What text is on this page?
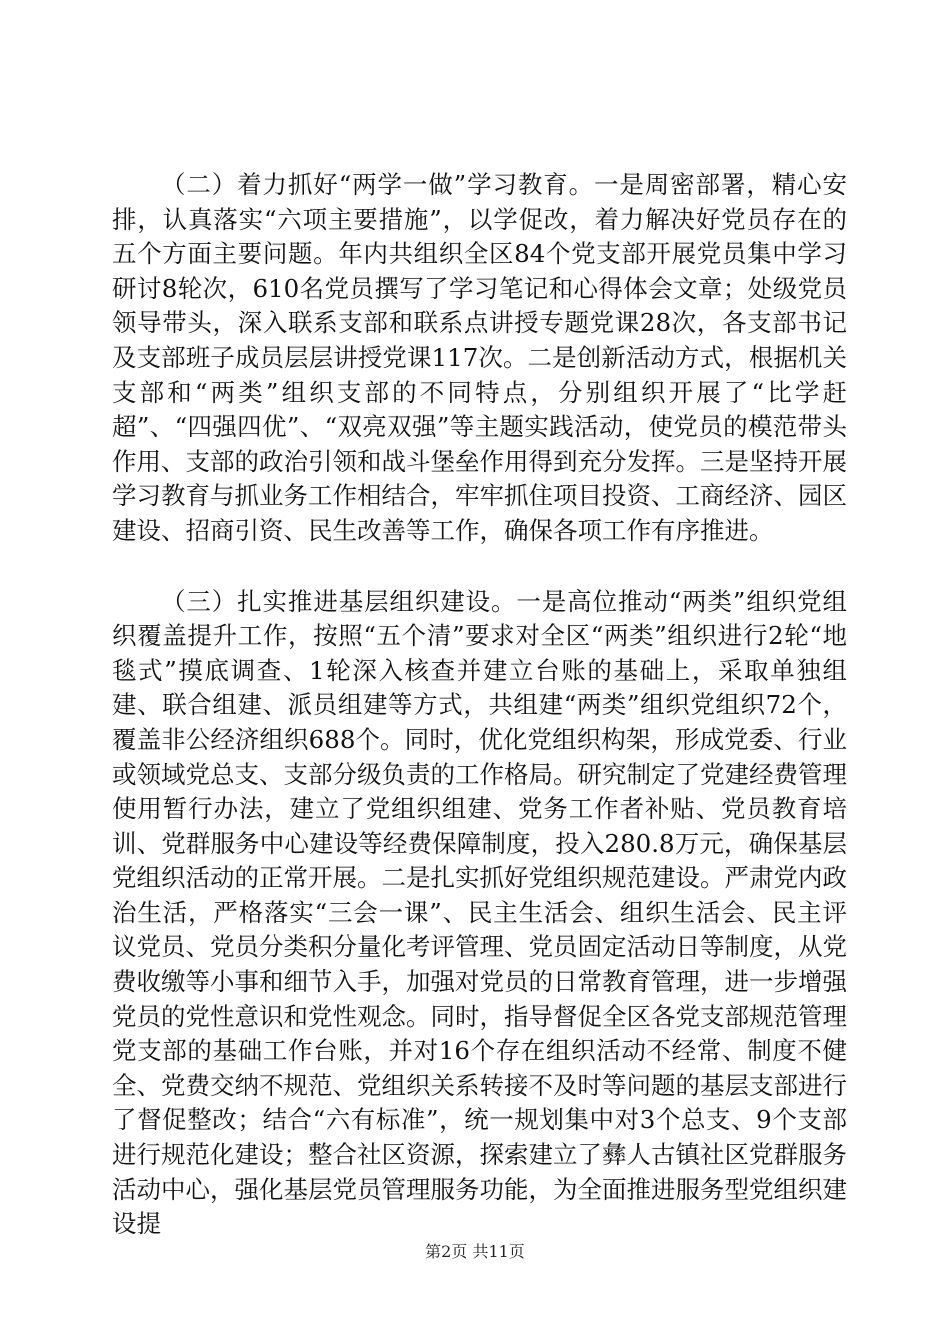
（二）着力抓好“两学一做”学习教育。一是周密部署，精心安排，认真落实“六项主要措施”，以学促改，着力解决好党员存在的五个方面主要问题。年内共组织全区84个党支部开展党员集中学习研讨8轮次，610名党员撰写了学习笔记和心得体会文章；处级党员领导带头，深入联系支部和联系点讲授专题党课28次，各支部书记及支部班子成员层层讲授党课117次。二是创新活动方式，根据机关支部和“两类”组织支部的不同特点，分别组织开展了“比学赶超”、“四强四优”、“双亮双强”等主题实践活动，使党员的模范带头作用、支部的政治引领和战斗堡垒作用得到充分发挥。三是坚持开展学习教育与抓业务工作相结合，牢牢抓住项目投资、工商经济、园区建设、招商引资、民生改善等工作，确保各项工作有序推进。

（三）扎实推进基层组织建设。一是高位推动“两类”组织党组织覆盖提升工作，按照“五个清”要求对全区“两类”组织进行2轮“地毯式”摸底调查、1轮深入核查并建立台账的基础上，采取单独组建、联合组建、派员组建等方式，共组建“两类”组织党组织72个，覆盖非公经济组织688个。同时，优化党组织构架，形成党委、行业或领域党总支、支部分级负责的工作格局。研究制定了党建经费管理使用暂行办法，建立了党组织组建、党务工作者补贴、党员教育培训、党群服务中心建设等经费保障制度，投入280.8万元，确保基层党组织活动的正常开展。二是扎实抓好党组织规范建设。严肃党内政治生活，严格落实“三会一课”、民主生活会、组织生活会、民主评议党员、党员分类积分量化考评管理、党员固定活动日等制度，从党费收缴等小事和细节入手，加强对党员的日常教育管理，进一步增强党员的党性意识和党性观念。同时，指导督促全区各党支部规范管理党支部的基础工作台账，并对16个存在组织活动不经常、制度不健全、党费交纳不规范、党组织关系转接不及时等问题的基层支部进行了督促整改；结合“六有标准”，统一规划集中对3个总支、9个支部进行规范化建设；整合社区资源，探索建立了彝人古镇社区党群服务活动中心，强化基层党员管理服务功能，为全面推进服务型党组织建设提

第2页 共11页
